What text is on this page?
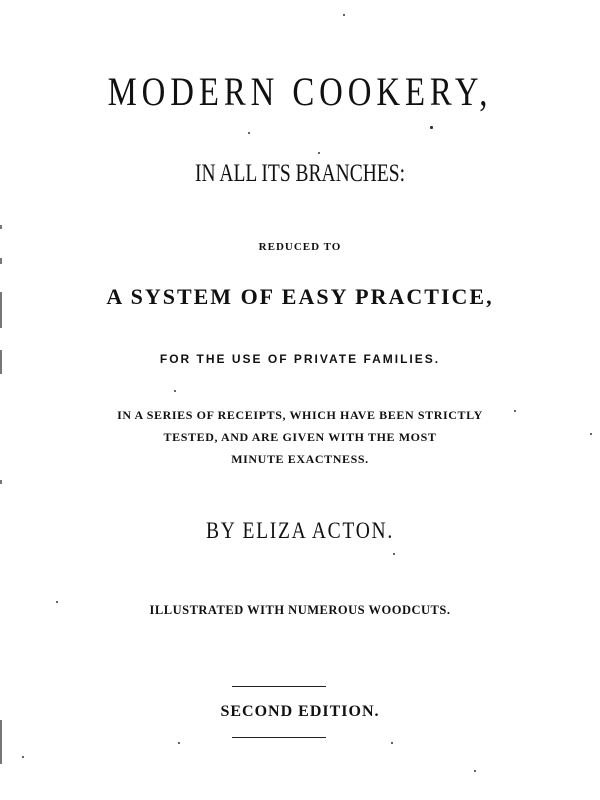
MODERN COOKERY,
IN ALL ITS BRANCHES:
REDUCED TO
A SYSTEM OF EASY PRACTICE,
FOR THE USE OF PRIVATE FAMILIES.
IN A SERIES OF RECEIPTS, WHICH HAVE BEEN STRICTLY
TESTED, AND ARE GIVEN WITH THE MOST
MINUTE EXACTNESS.
BY ELIZA ACTON.
ILLUSTRATED WITH NUMEROUS WOODCUTS.
SECOND EDITION.
